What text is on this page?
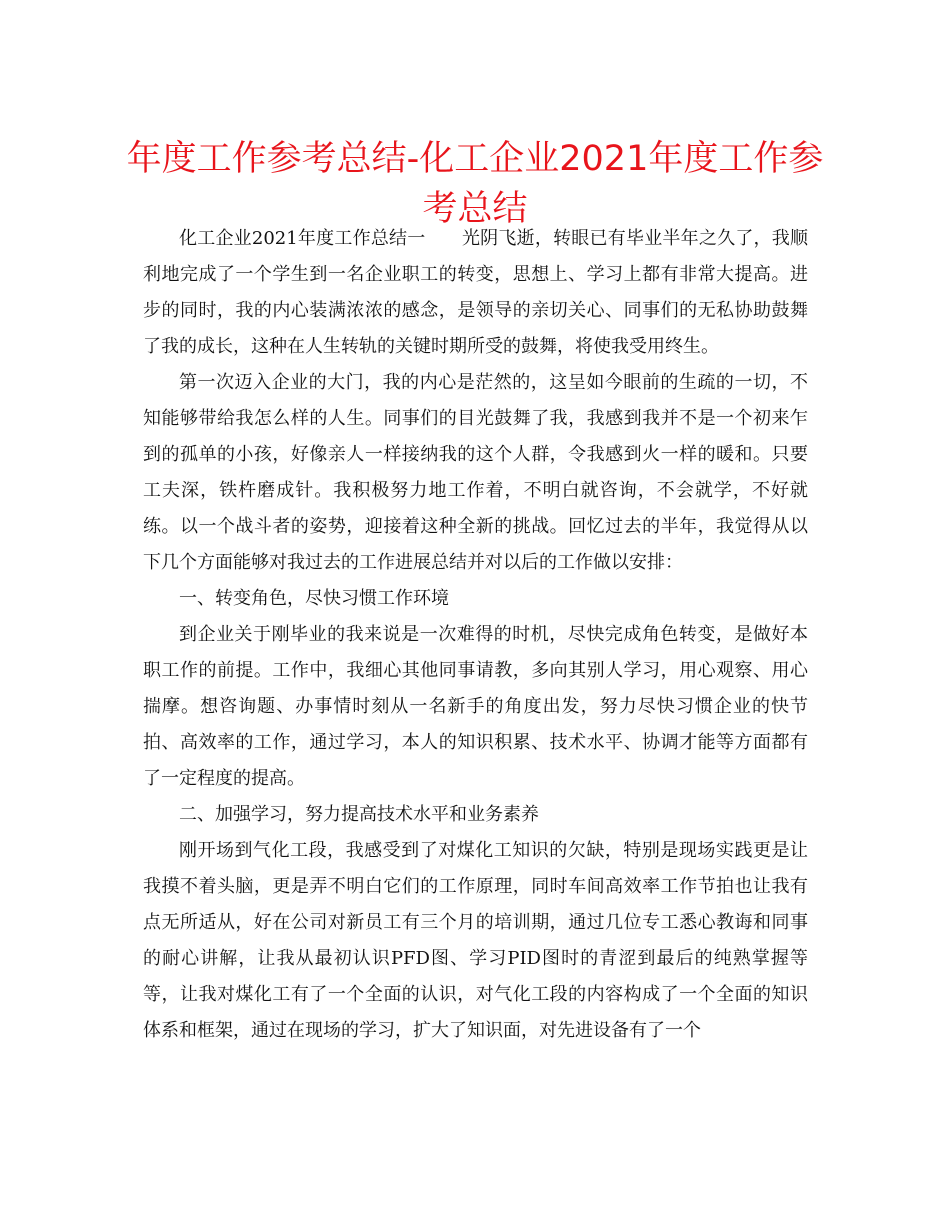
年度工作参考总结-化工企业2021年度工作参考总结

化工企业2021年度工作总结一　　光阴飞逝，转眼已有毕业半年之久了，我顺利地完成了一个学生到一名企业职工的转变，思想上、学习上都有非常大提高。进步的同时，我的内心装满浓浓的感念，是领导的亲切关心、同事们的无私协助鼓舞了我的成长，这种在人生转轨的关键时期所受的鼓舞，将使我受用终生。

第一次迈入企业的大门，我的内心是茫然的，这呈如今眼前的生疏的一切，不知能够带给我怎么样的人生。同事们的目光鼓舞了我，我感到我并不是一个初来乍到的孤单的小孩，好像亲人一样接纳我的这个人群，令我感到火一样的暖和。只要工夫深，铁杵磨成针。我积极努力地工作着，不明白就咨询，不会就学，不好就练。以一个战斗者的姿势，迎接着这种全新的挑战。回忆过去的半年，我觉得从以下几个方面能够对我过去的工作进展总结并对以后的工作做以安排：

一、转变角色，尽快习惯工作环境

到企业关于刚毕业的我来说是一次难得的时机，尽快完成角色转变，是做好本职工作的前提。工作中，我细心其他同事请教，多向其别人学习，用心观察、用心揣摩。想咨询题、办事情时刻从一名新手的角度出发，努力尽快习惯企业的快节拍、高效率的工作，通过学习，本人的知识积累、技术水平、协调才能等方面都有了一定程度的提高。

二、加强学习，努力提高技术水平和业务素养

刚开场到气化工段，我感受到了对煤化工知识的欠缺，特别是现场实践更是让我摸不着头脑，更是弄不明白它们的工作原理，同时车间高效率工作节拍也让我有点无所适从，好在公司对新员工有三个月的培训期，通过几位专工悉心教诲和同事的耐心讲解，让我从最初认识PFD图、学习PID图时的青涩到最后的纯熟掌握等等，让我对煤化工有了一个全面的认识，对气化工段的内容构成了一个全面的知识体系和框架，通过在现场的学习，扩大了知识面，对先进设备有了一个
